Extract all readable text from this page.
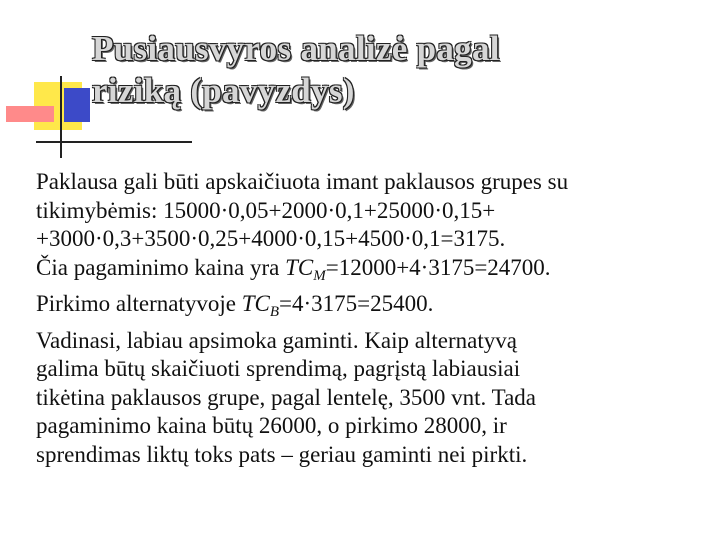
Pusiausvyros analizė pagal
riziką (pavyzdys)
Paklausa gali būti apskaičiuota imant paklausos grupes su
tikimybėmis: 15000·0,05+2000·0,1+25000·0,15+
+3000·0,3+3500·0,25+4000·0,15+4500·0,1=3175.
Čia pagaminimo kaina yra $TC_M=12000+4\cdot 3175=24700$.
Pirkimo alternatyvoje $TC_B=4\cdot 3175=25400$.
Vadinasi, labiau apsimoka gaminti. Kaip alternatyvą
galima būtų skaičiuoti sprendimą, pagrįstą labiausiai
tikėtina paklausos grupe, pagal lentelę, 3500 vnt. Tada
pagaminimo kaina būtų 26000, o pirkimo 28000, ir
sprendimas liktų toks pats – geriau gaminti nei pirkti.
